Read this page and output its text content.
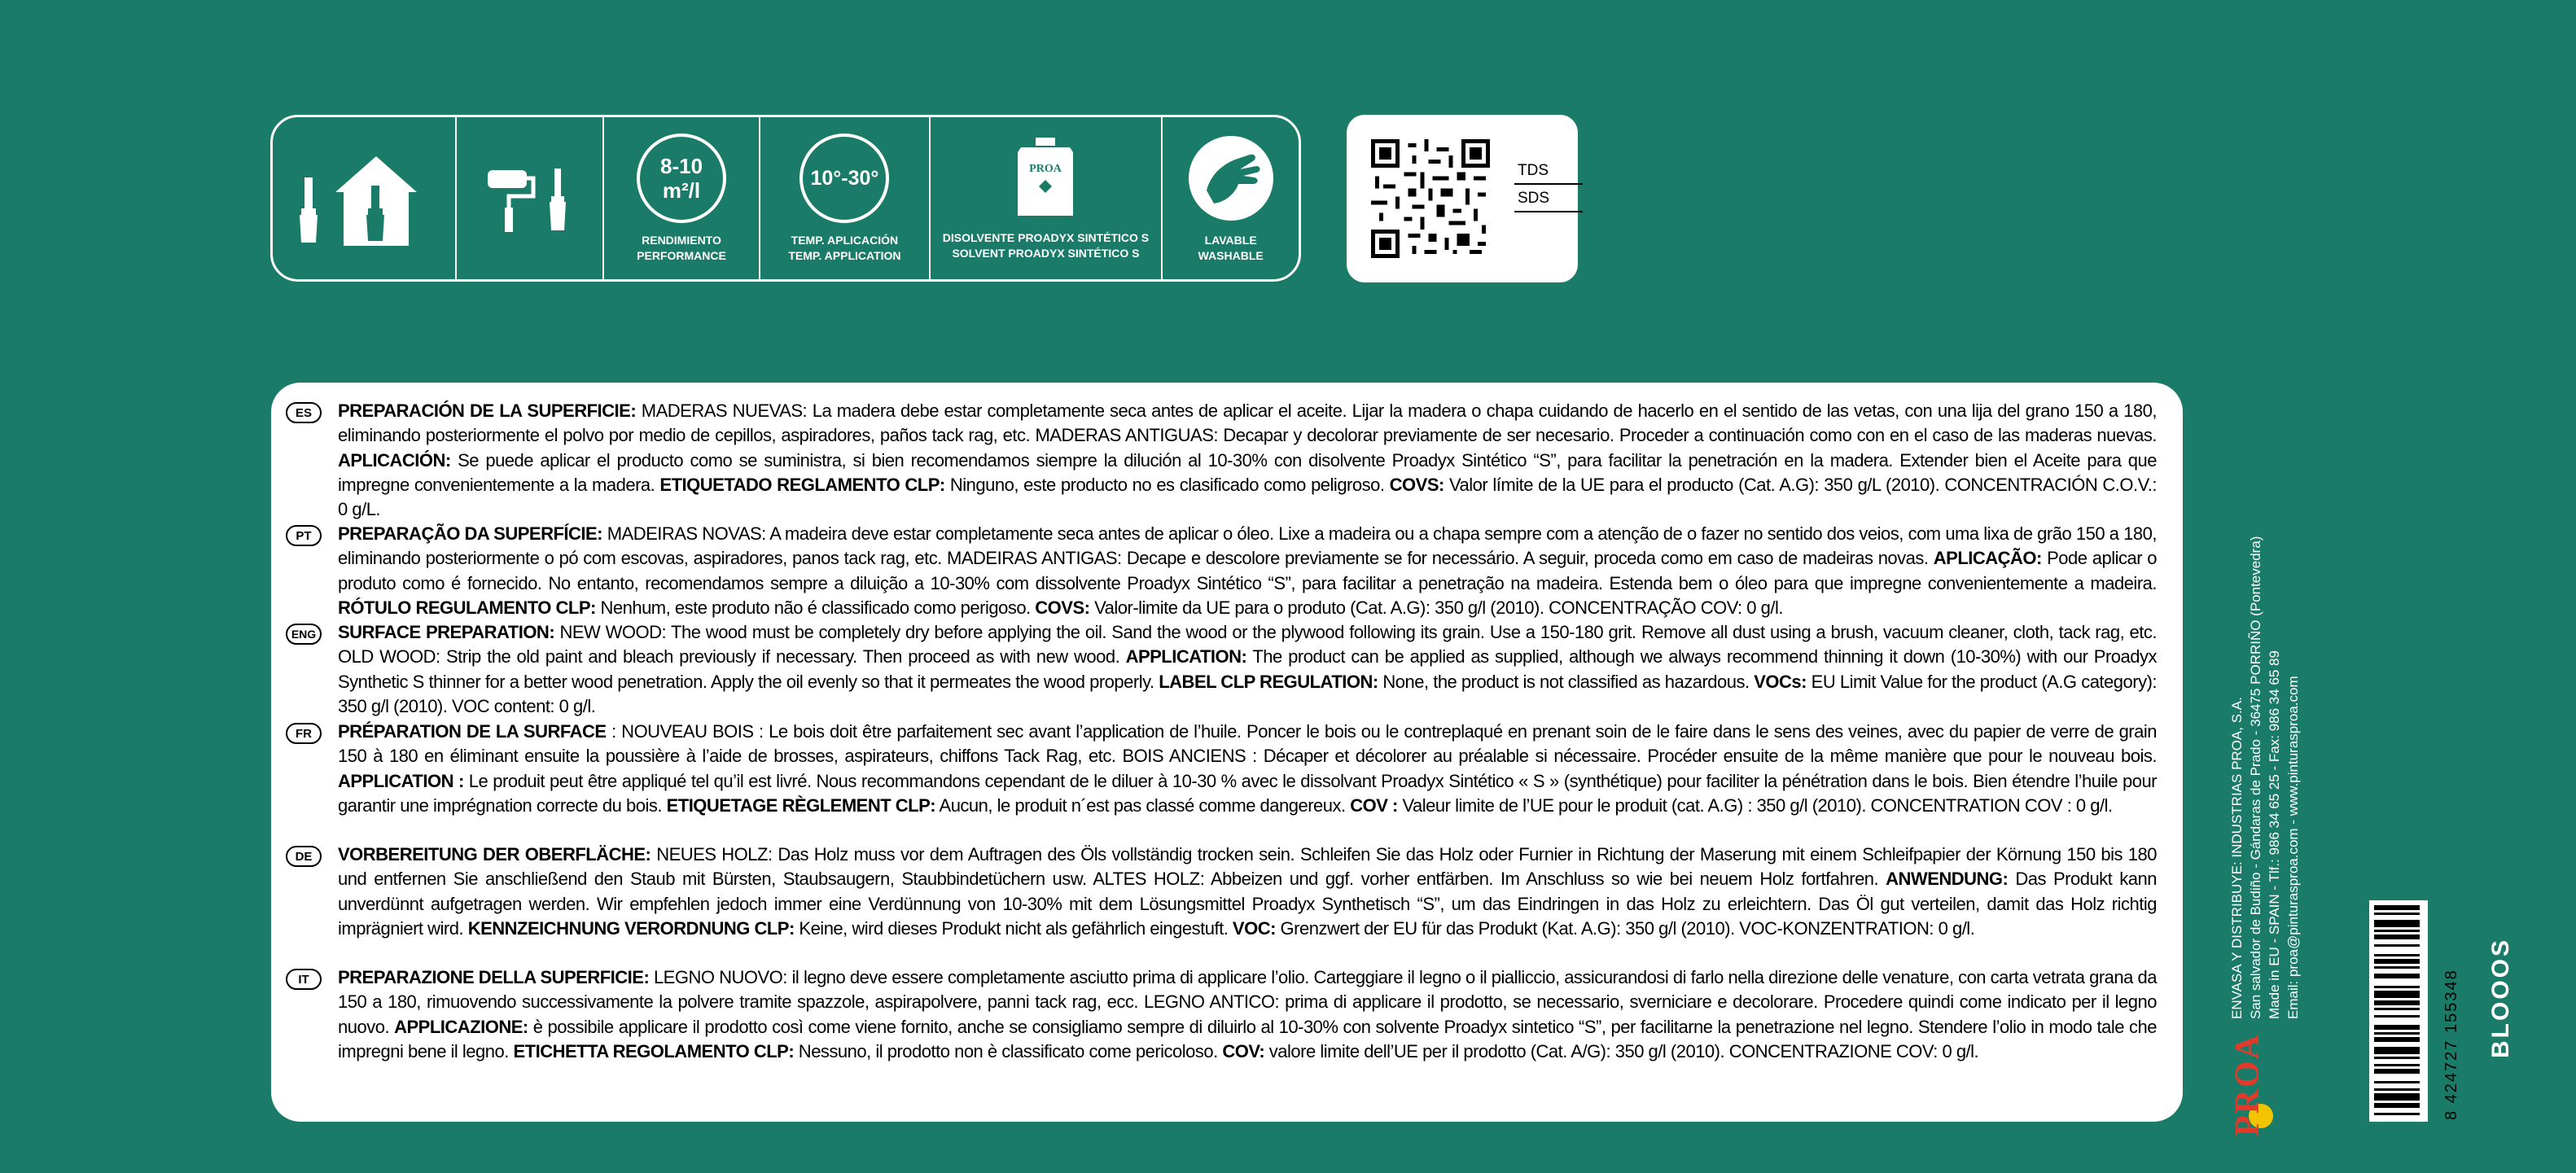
8-10
m²/l
RENDIMIENTO
PERFORMANCE
10°-30°
TEMP. APLICACIÓN
TEMP. APPLICATION
PROA
DISOLVENTE PROADYX SINTÉTICO S
SOLVENT PROADYX SINTÉTICO S
LAVABLE
WASHABLE
TDS
SDS
ES	PREPARACIÓN DE LA SUPERFICIE: MADERAS NUEVAS: La madera debe estar completamente seca antes de aplicar el aceite. Lijar la madera o chapa cuidando de hacerlo en el sentido de las vetas, con una lija del grano 150 a 180, eliminando posteriormente el polvo por medio de cepillos, aspiradores, paños tack rag, etc. MADERAS ANTIGUAS: Decapar y decolorar previamente de ser necesario. Proceder a continuación como con en el caso de las maderas nuevas. APLICACIÓN: Se puede aplicar el producto como se suministra, si bien recomendamos siempre la dilución al 10-30% con disolvente Proadyx Sintético “S”, para facilitar la penetración en la madera. Extender bien el Aceite para que impregne convenientemente a la madera. ETIQUETADO REGLAMENTO CLP: Ninguno, este producto no es clasificado como peligroso. COVS: Valor límite de la UE para el producto (Cat. A.G): 350 g/L (2010). CONCENTRACIÓN C.O.V.: 0 g/L.
PT	PREPARAÇÃO DA SUPERFÍCIE: MADEIRAS NOVAS: A madeira deve estar completamente seca antes de aplicar o óleo. Lixe a madeira ou a chapa sempre com a atenção de o fazer no sentido dos veios, com uma lixa de grão 150 a 180, eliminando posteriormente o pó com escovas, aspiradores, panos tack rag, etc. MADEIRAS ANTIGAS: Decape e descolore previamente se for necessário. A seguir, proceda como em caso de madeiras novas. APLICAÇÃO: Pode aplicar o produto como é fornecido. No entanto, recomendamos sempre a diluição a 10-30% com dissolvente Proadyx Sintético “S”, para facilitar a penetração na madeira. Estenda bem o óleo para que impregne convenientemente a madeira. RÓTULO REGULAMENTO CLP: Nenhum, este produto não é classificado como perigoso. COVS: Valor-limite da UE para o produto (Cat. A.G): 350 g/l (2010). CONCENTRAÇÃO COV: 0 g/l.
ENG	SURFACE PREPARATION: NEW WOOD: The wood must be completely dry before applying the oil. Sand the wood or the plywood following its grain. Use a 150-180 grit. Remove all dust using a brush, vacuum cleaner, cloth, tack rag, etc. OLD WOOD: Strip the old paint and bleach previously if necessary. Then proceed as with new wood. APPLICATION: The product can be applied as supplied, although we always recommend thinning it down (10-30%) with our Proadyx Synthetic S thinner for a better wood penetration. Apply the oil evenly so that it permeates the wood properly. LABEL CLP REGULATION: None, the product is not classified as hazardous. VOCs: EU Limit Value for the product (A.G category): 350 g/l (2010). VOC content: 0 g/l.
FR	PRÉPARATION DE LA SURFACE : NOUVEAU BOIS : Le bois doit être parfaitement sec avant l’application de l’huile. Poncer le bois ou le contreplaqué en prenant soin de le faire dans le sens des veines, avec du papier de verre de grain 150 à 180 en éliminant ensuite la poussière à l’aide de brosses, aspirateurs, chiffons Tack Rag, etc. BOIS ANCIENS : Décaper et décolorer au préalable si nécessaire. Procéder ensuite de la même manière que pour le nouveau bois. APPLICATION : Le produit peut être appliqué tel qu’il est livré. Nous recommandons cependant de le diluer à 10-30 % avec le dissolvant Proadyx Sintético « S » (synthétique) pour faciliter la pénétration dans le bois. Bien étendre l’huile pour garantir une imprégnation correcte du bois. ETIQUETAGE RÈGLEMENT CLP: Aucun, le produit n´est pas classé comme dangereux. COV : Valeur limite de l’UE pour le produit (cat. A.G) : 350 g/l (2010). CONCENTRATION COV : 0 g/l.
DE	VORBEREITUNG DER OBERFLÄCHE: NEUES HOLZ: Das Holz muss vor dem Auftragen des Öls vollständig trocken sein. Schleifen Sie das Holz oder Furnier in Richtung der Maserung mit einem Schleifpapier der Körnung 150 bis 180 und entfernen Sie anschließend den Staub mit Bürsten, Staubsaugern, Staubbindetüchern usw. ALTES HOLZ: Abbeizen und ggf. vorher entfärben. Im Anschluss so wie bei neuem Holz fortfahren. ANWENDUNG: Das Produkt kann unverdünnt aufgetragen werden. Wir empfehlen jedoch immer eine Verdünnung von 10-30% mit dem Lösungsmittel Proadyx Synthetisch “S”, um das Eindringen in das Holz zu erleichtern. Das Öl gut verteilen, damit das Holz richtig imprägniert wird. KENNZEICHNUNG VERORDNUNG CLP: Keine, wird dieses Produkt nicht als gefährlich eingestuft. VOC: Grenzwert der EU für das Produkt (Kat. A.G): 350 g/l (2010). VOC-KONZENTRATION: 0 g/l.
IT	PREPARAZIONE DELLA SUPERFICIE: LEGNO NUOVO: il legno deve essere completamente asciutto prima di applicare l’olio. Carteggiare il legno o il pialliccio, assicurandosi di farlo nella direzione delle venature, con carta vetrata grana da 150 a 180, rimuovendo successivamente la polvere tramite spazzole, aspirapolvere, panni tack rag, ecc. LEGNO ANTICO: prima di applicare il prodotto, se necessario, sverniciare e decolorare. Procedere quindi come indicato per il legno nuovo. APPLICAZIONE: è possibile applicare il prodotto così come viene fornito, anche se consigliamo sempre di diluirlo al 10-30% con solvente Proadyx sintetico “S”, per facilitarne la penetrazione nel legno. Stendere l’olio in modo tale che impregni bene il legno. ETICHETTA REGOLAMENTO CLP: Nessuno, il prodotto non è classificato come pericoloso. COV: valore limite dell’UE per il prodotto (Cat. A/G): 350 g/l (2010). CONCENTRAZIONE COV: 0 g/l.
ENVASA Y DISTRIBUYE: INDUSTRIAS PROA, S.A. San salvador de Budiño - Gándaras de Prado - 36475 PORRIÑO (Pontevedra) Made in EU - SPAIN - Tlf.: 986 34 65 25 - Fax: 986 34 65 89 Email: proa@pinturasproa.com - www.pinturasproa.com
PROA	8 424727 155348 BLOOOS
